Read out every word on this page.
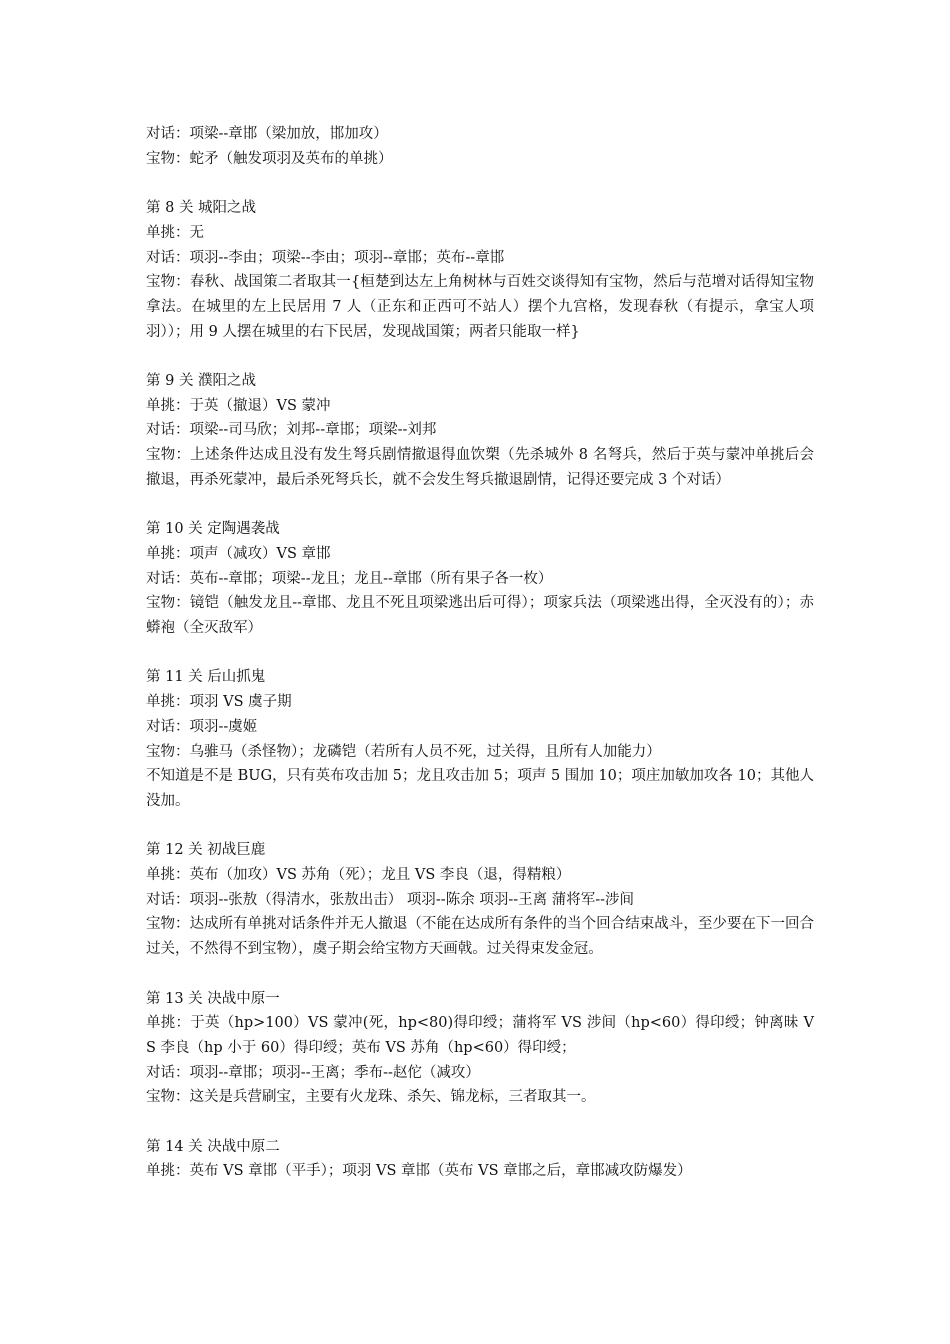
对话：项梁--章邯（梁加放，邯加攻）

宝物：蛇矛（触发项羽及英布的单挑）

第 8 关 城阳之战

单挑：无

对话：项羽--李由；项梁--李由；项羽--章邯；英布--章邯

宝物：春秋、战国策二者取其一{桓楚到达左上角树林与百姓交谈得知有宝物，然后与范增对话得知宝物拿法。在城里的左上民居用 7 人（正东和正西可不站人）摆个九宫格，发现春秋（有提示，拿宝人项羽））；用 9 人摆在城里的右下民居，发现战国策；两者只能取一样}

第 9 关 濮阳之战

单挑：于英（撤退）VS 蒙冲

对话：项梁--司马欣；刘邦--章邯；项梁--刘邦

宝物：上述条件达成且没有发生弩兵剧情撤退得血饮槊（先杀城外 8 名弩兵，然后于英与蒙冲单挑后会撤退，再杀死蒙冲，最后杀死弩兵长，就不会发生弩兵撤退剧情，记得还要完成 3 个对话）

第 10 关 定陶遇袭战

单挑：项声（减攻）VS 章邯

对话：英布--章邯；项梁--龙且；龙且--章邯（所有果子各一枚）

宝物：镜铠（触发龙且--章邯、龙且不死且项梁逃出后可得）；项家兵法（项梁逃出得，全灭没有的）；赤蟒袍（全灭敌军）

第 11 关 后山抓鬼

单挑：项羽 VS 虞子期

对话：项羽--虞姬

宝物：乌骓马（杀怪物）；龙磷铠（若所有人员不死，过关得，且所有人加能力）

不知道是不是 BUG，只有英布攻击加 5；龙且攻击加 5；项声 5 围加 10；项庄加敏加攻各 10；其他人没加。

第 12 关 初战巨鹿

单挑：英布（加攻）VS 苏角（死）；龙且 VS 李良（退，得精粮）

对话：项羽--张敖（得清水，张敖出击） 项羽--陈余 项羽--王离 蒲将军--涉间

宝物：达成所有单挑对话条件并无人撤退（不能在达成所有条件的当个回合结束战斗，至少要在下一回合过关，不然得不到宝物），虞子期会给宝物方天画戟。过关得束发金冠。

第 13 关 决战中原一

单挑：于英（hp>100）VS 蒙冲(死，hp<80)得印绶；蒲将军 VS 涉间（hp<60）得印绶；钟离昧 VS 李良（hp 小于 60）得印绶；英布 VS 苏角（hp<60）得印绶；

对话：项羽--章邯；项羽--王离；季布--赵佗（减攻）

宝物：这关是兵营刷宝，主要有火龙珠、杀矢、锦龙标，三者取其一。

第 14 关 决战中原二

单挑：英布 VS 章邯（平手）；项羽 VS 章邯（英布 VS 章邯之后，章邯减攻防爆发）
